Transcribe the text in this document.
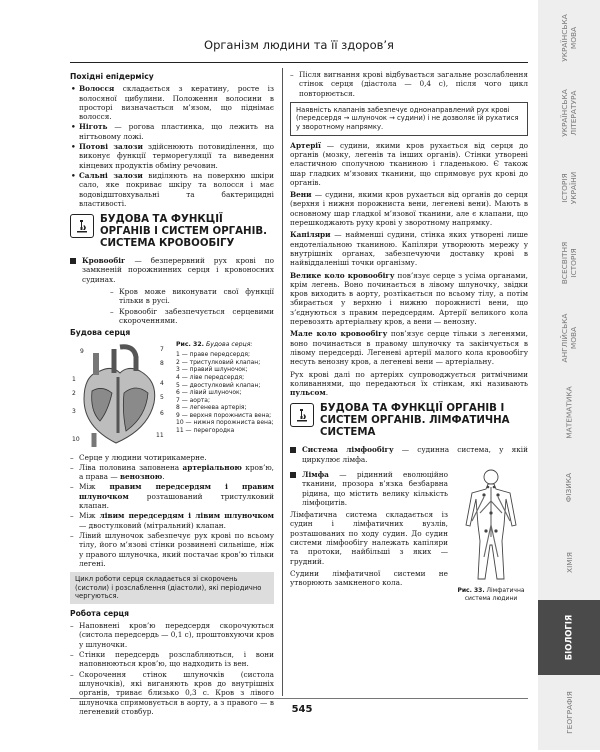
Організм людини та її здоров’я
Похідні епідермісу
• Волосся складається з кератину, росте із волосяної цибулини. Положення волосини в просторі визначається м’язом, що піднімає волосся.
• Ніготь — рогова пластинка, що лежить на нігтьовому ложі.
• Потові залози здійснюють потовиділення, що виконує функції терморегуляції та виведення кінцевих продуктів обміну речовин.
• Сальні залози виділяють на поверхню шкіри сало, яке покриває шкіру та волосся і має водовідштовхувальні та бактерицидні властивості.
БУДОВА ТА ФУНКЦІЇ ОРГАНІВ І СИСТЕМ ОРГАНІВ. СИСТЕМА КРОВООБІГУ

Кровообіг — безперервний рух крові по замкненій порожнинних серця і кровоносних судинах.

– Кров може виконувати свої функції тільки в русі.
– Кровообіг забезпечується серцевими скороченнями.
Будова серця
1
2
3
4
5
6
7
8
9
10
11
Рис. 32. Будова серця:
1 — праве передсердя;
2 — тристулковий клапан;
3 — правий шлуночок;
4 — ліве передсердя;
5 — двостулковий клапан;
6 — лівий шлуночок;
7 — аорта;
8 — легенева артерія;
9 — верхня порожниста вена;
10 — нижня порожниста вена;
11 — перегородка
– Серце у людини чотирикамерне.
– Ліва половина заповнена артеріальною кров’ю, а права — венозною.
– Між правим передсердям і правим шлуночком розташований тристулковий клапан.
– Між лівим передсердям і лівим шлуночком — двостулковий (мітральний) клапан.
– Лівий шлуночок забезпечує рух крові по всьому тілу, його м’язові стінки розвинені сильніше, ніж у правого шлуночка, який постачає кров’ю тільки легені.
Цикл роботи серця складається зі скорочень (систоли) і розслаблення (діастоли), які періодично чергуються.
Робота серця
– Наповнені кров’ю передсердя скорочуються (систола передсердь — 0,1 с), проштовхуючи кров у шлуночки.
– Стінки передсердь розслабляються, і вони наповнюються кров’ю, що надходить із вен.
– Скорочення стінок шлуночків (систола шлуночків), які виганяють кров до внутрішніх органів, триває близько 0,3 с. Кров з лівого шлуночка спрямовується в аорту, а з правого — в легеневий стовбур.
– Після вигнання крові відбувається загальне розслаблення стінок серця (діастола — 0,4 с), після чого цикл повторюється.
Наявність клапанів забезпечує однонаправлений рух крові (передсердя → шлуночок → судини) і не дозволяє їй рухатися у зворотному напрямку.

Артерії — судини, якими кров рухається від серця до органів (мозку, легенів та інших органів). Стінки утворені еластичною сполучною тканиною і гладенькою. Є також шар гладких м’язових тканини, що спрямовує рух крові до органів.

Вени — судини, якими кров рухається від органів до серця (верхня і нижня порожниста вени, легеневі вени). Мають в основному шар гладкої м’язової тканини, але є клапани, що перешкоджають руху крові у зворотному напрямку.

Капіляри — найменші судини, стінка яких утворені лише ендотеліальною тканиною. Капіляри утворюють мережу у внутрішніх органах, забезпечуючи доставку крові в найвіддаленіші точки організму.

Велике коло кровообігу пов’язує серце з усіма органами, крім легень. Воно починається в лівому шлуночку, звідки кров виходить в аорту, розтікається по всьому тілу, а потім збирається у верхню і нижню порожнисті вени, що з’єднуються з правим передсердям. Артерії великого кола перевозять артеріальну кров, а вени — венозну.

Мале коло кровообігу пов’язує серце тільки з легенями, воно починається в правому шлуночку та закінчується в лівому передсерді. Легеневі артерії малого кола кровообігу несуть венозну кров, а легеневі вени — артеріальну.

Рух крові далі по артеріях супроводжується ритмічними коливаннями, що передаються їх стінкам, які називають пульсом.

БУДОВА ТА ФУНКЦІЇ ОРГАНІВ І СИСТЕМ ОРГАНІВ. ЛІМФАТИЧНА СИСТЕМА

Система лімфообігу — судинна система, у якій циркулює лімфа.

Лімфа — рідинний еволюційно тканини, прозора в’язка безбарвна рідина, що містить велику кількість лімфоцитів.

Лімфатична система складається із судин і лімфатичних вузлів, розташованих по ходу судин. До судин системи лімфообігу належать капіляри та протоки, найбільші з яких — грудний.

Судини лімфатичної системи не утворюють замкненого кола.

Рис. 33. Лімфатична система людини
545
УКРАЇНСЬКА МОВА
УКРАЇНСЬКА ЛІТЕРАТУРА
ІСТОРІЯ УКРАЇНИ
ВСЕСВІТНЯ ІСТОРІЯ
АНГЛІЙСЬКА МОВА
МАТЕМАТИКА
ФІЗИКА
ХІМІЯ
БІОЛОГІЯ
ГЕОГРАФІЯ
